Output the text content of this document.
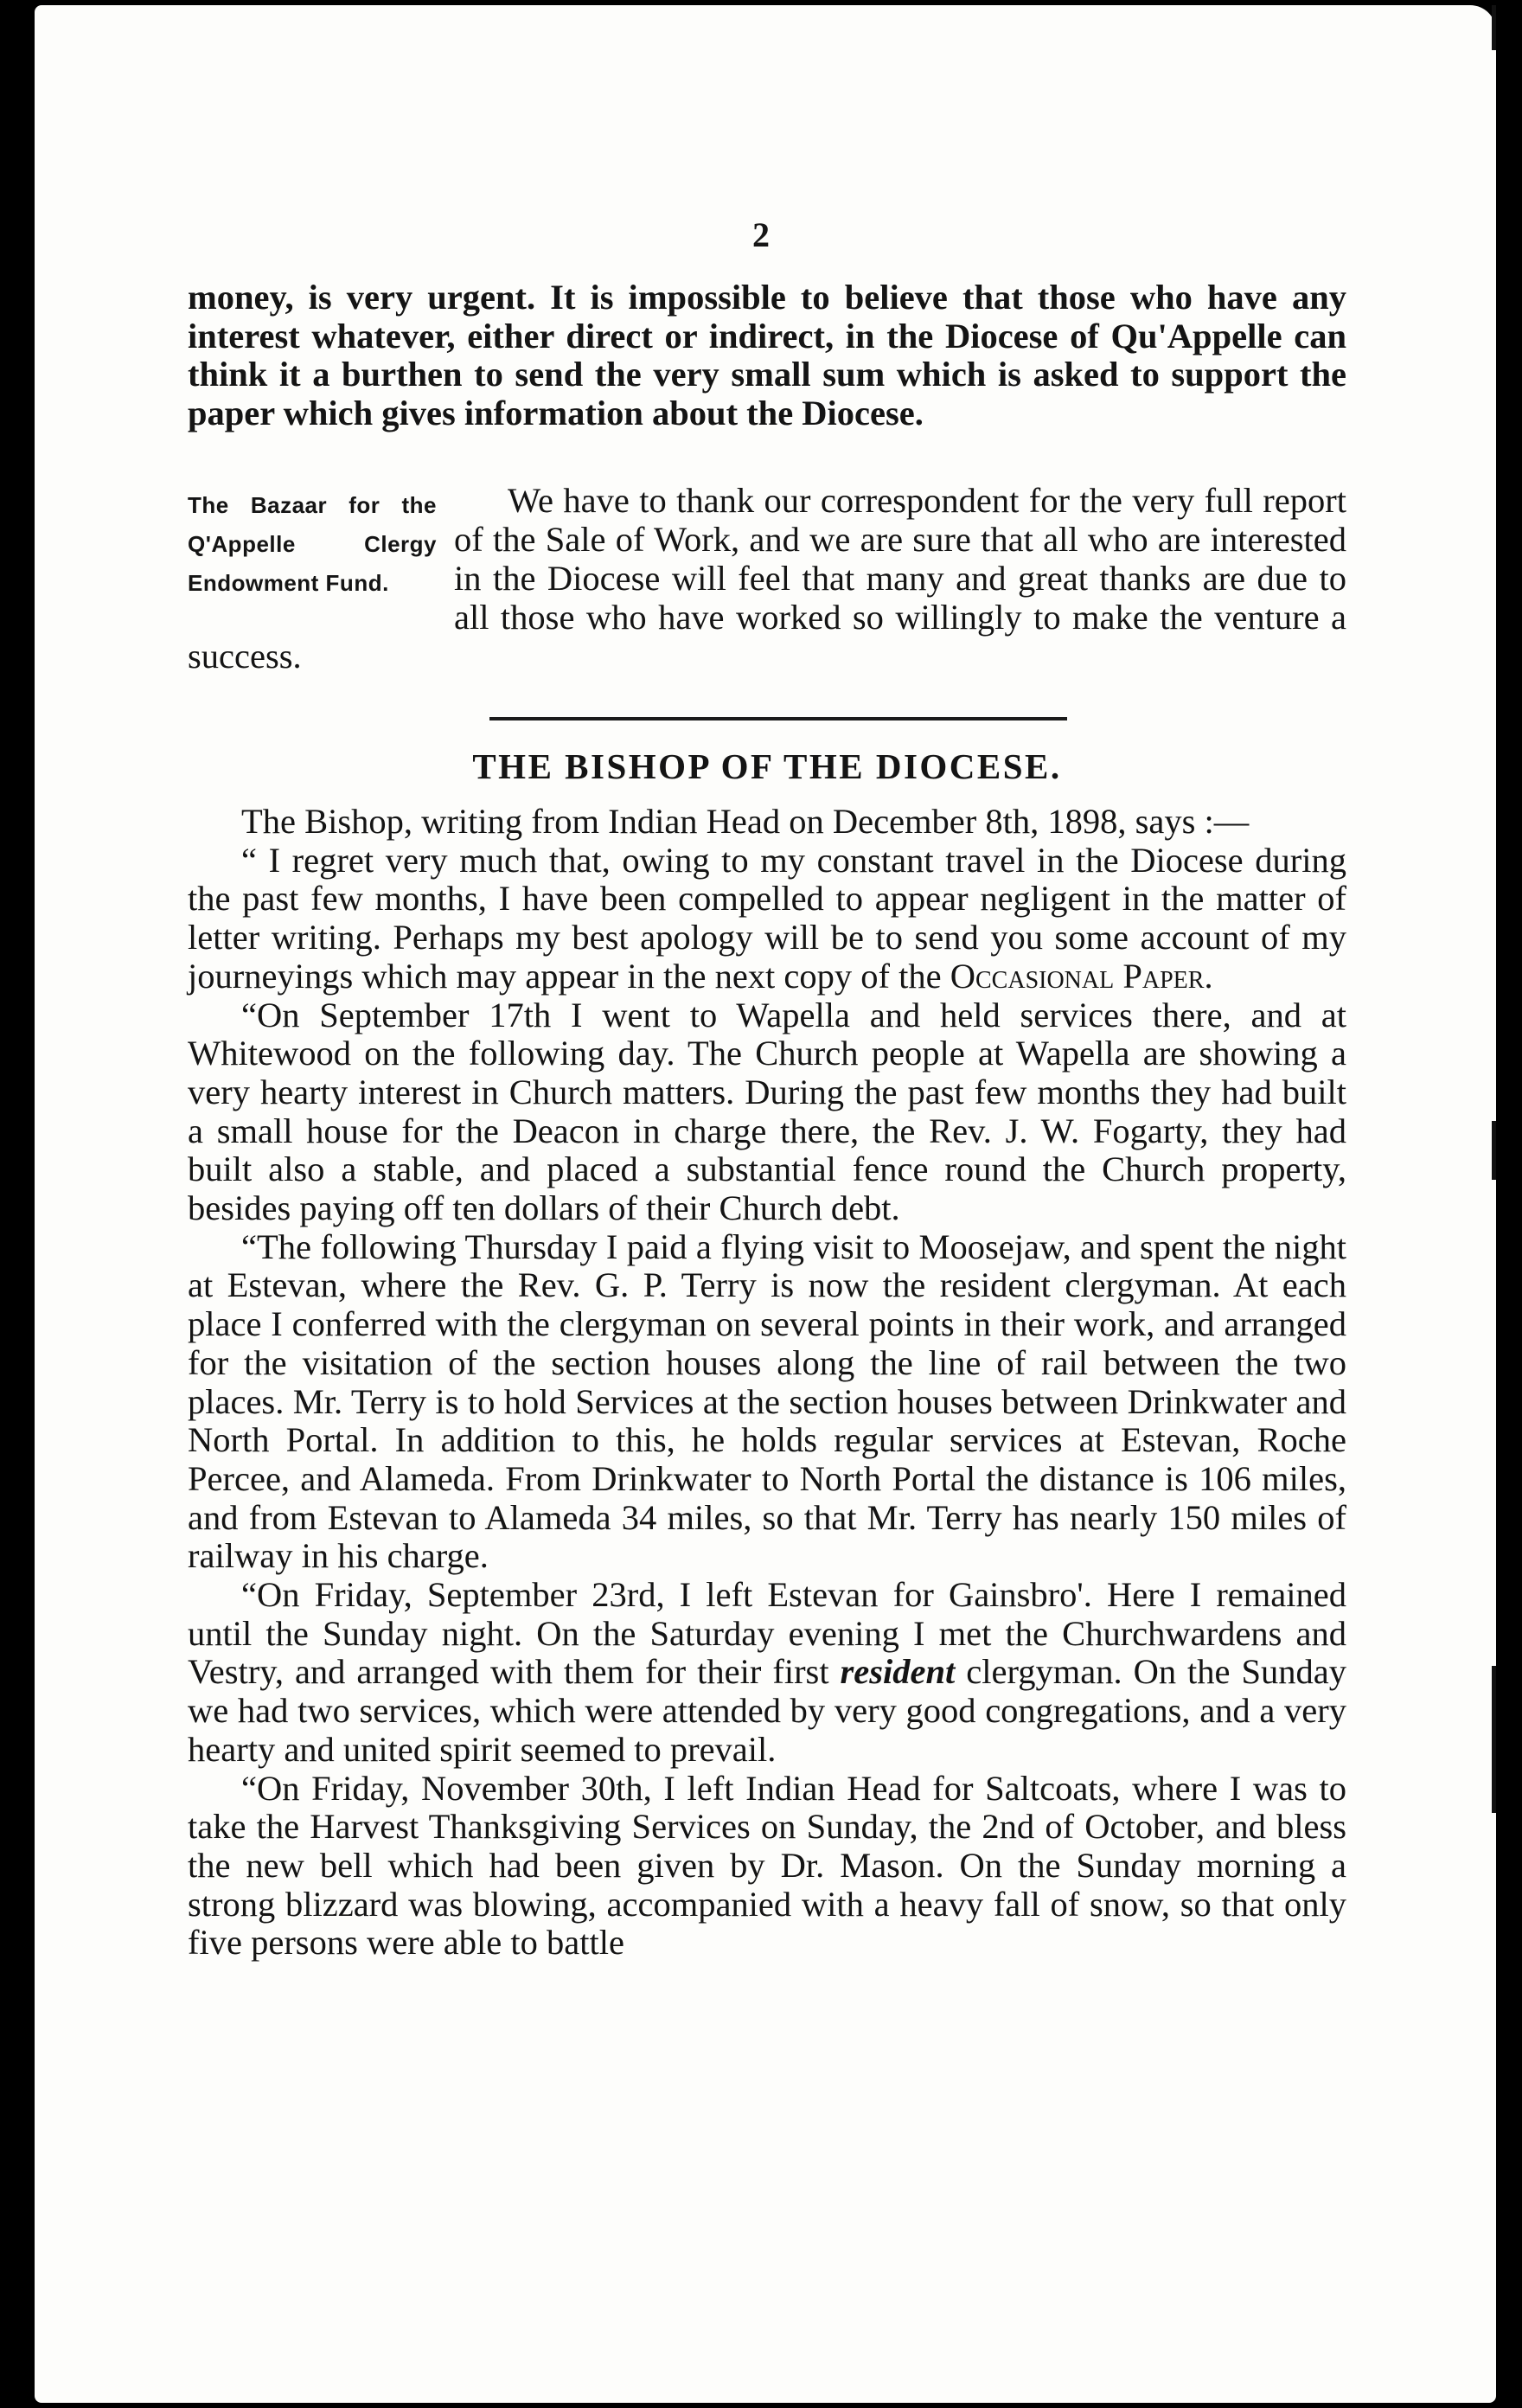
2

money, is very urgent. It is impossible to believe that those who have any interest whatever, either direct or indirect, in the Diocese of Qu'Appelle can think it a burthen to send the very small sum which is asked to support the paper which gives information about the Diocese.

The Bazaar for the Q'Appelle Clergy Endowment Fund.

We have to thank our correspondent for the very full report of the Sale of Work, and we are sure that all who are interested in the Diocese will feel that many and great thanks are due to all those who have worked so willingly to make the venture a success.

THE BISHOP OF THE DIOCESE.

The Bishop, writing from Indian Head on December 8th, 1898, says :—

“ I regret very much that, owing to my constant travel in the Diocese during the past few months, I have been compelled to appear negligent in the matter of letter writing. Perhaps my best apology will be to send you some account of my journeyings which may appear in the next copy of the Occasional Paper.

“On September 17th I went to Wapella and held services there, and at Whitewood on the following day. The Church people at Wapella are showing a very hearty interest in Church matters. During the past few months they had built a small house for the Deacon in charge there, the Rev. J. W. Fogarty, they had built also a stable, and placed a substantial fence round the Church property, besides paying off ten dollars of their Church debt.

“The following Thursday I paid a flying visit to Moosejaw, and spent the night at Estevan, where the Rev. G. P. Terry is now the resident clergyman. At each place I conferred with the clergyman on several points in their work, and arranged for the visitation of the section houses along the line of rail between the two places. Mr. Terry is to hold Services at the section houses between Drinkwater and North Portal. In addition to this, he holds regular services at Estevan, Roche Percee, and Alameda. From Drinkwater to North Portal the distance is 106 miles, and from Estevan to Alameda 34 miles, so that Mr. Terry has nearly 150 miles of railway in his charge.

“On Friday, September 23rd, I left Estevan for Gainsbro'. Here I remained until the Sunday night. On the Saturday evening I met the Churchwardens and Vestry, and arranged with them for their first resident clergyman. On the Sunday we had two services, which were attended by very good congregations, and a very hearty and united spirit seemed to prevail.

“On Friday, November 30th, I left Indian Head for Saltcoats, where I was to take the Harvest Thanksgiving Services on Sunday, the 2nd of October, and bless the new bell which had been given by Dr. Mason. On the Sunday morning a strong blizzard was blowing, accompanied with a heavy fall of snow, so that only five persons were able to battle
